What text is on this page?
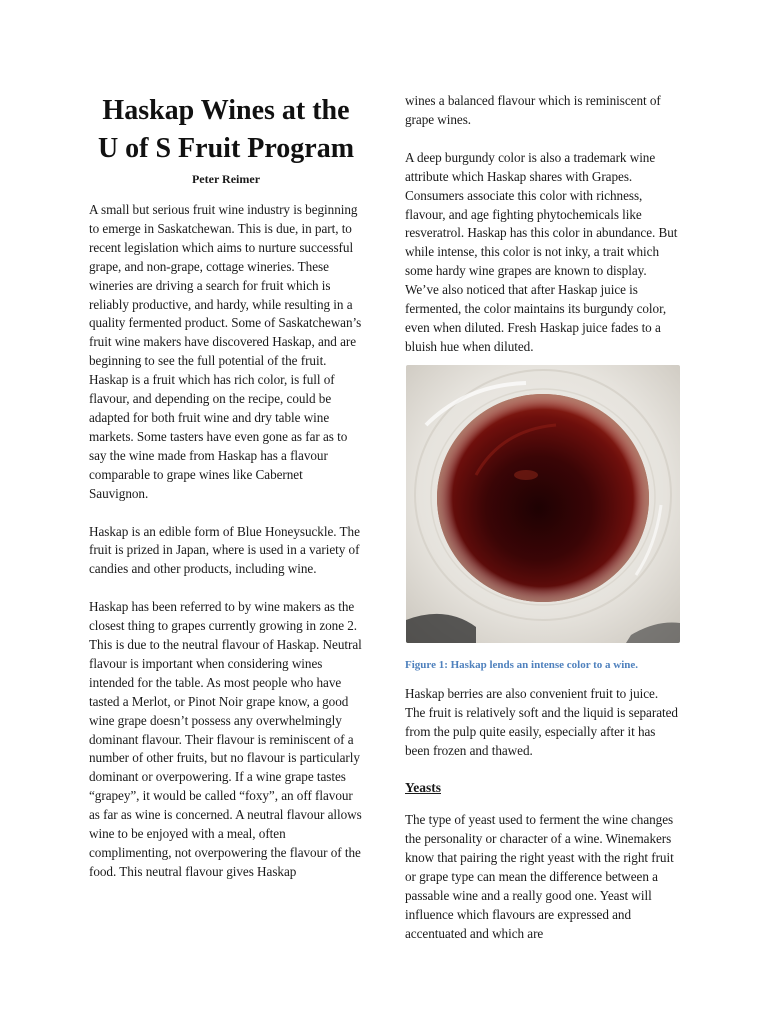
Haskap Wines at the U of S Fruit Program
Peter Reimer

A small but serious fruit wine industry is beginning to emerge in Saskatchewan. This is due, in part, to recent legislation which aims to nurture successful grape, and non-grape, cottage wineries. These wineries are driving a search for fruit which is reliably productive, and hardy, while resulting in a quality fermented product. Some of Saskatchewan’s fruit wine makers have discovered Haskap, and are beginning to see the full potential of the fruit. Haskap is a fruit which has rich color, is full of flavour, and depending on the recipe, could be adapted for both fruit wine and dry table wine markets. Some tasters have even gone as far as to say the wine made from Haskap has a flavour comparable to grape wines like Cabernet Sauvignon.

Haskap is an edible form of Blue Honeysuckle. The fruit is prized in Japan, where is used in a variety of candies and other products, including wine.

Haskap has been referred to by wine makers as the closest thing to grapes currently growing in zone 2. This is due to the neutral flavour of Haskap. Neutral flavour is important when considering wines intended for the table. As most people who have tasted a Merlot, or Pinot Noir grape know, a good wine grape doesn’t possess any overwhelmingly dominant flavour. Their flavour is reminiscent of a number of other fruits, but no flavour is particularly dominant or overpowering. If a wine grape tastes “grapey”, it would be called “foxy”, an off flavour as far as wine is concerned. A neutral flavour allows wine to be enjoyed with a meal, often complimenting, not overpowering the flavour of the food. This neutral flavour gives Haskap

wines a balanced flavour which is reminiscent of grape wines.

A deep burgundy color is also a trademark wine attribute which Haskap shares with Grapes. Consumers associate this color with richness, flavour, and age fighting phytochemicals like resveratrol. Haskap has this color in abundance. But while intense, this color is not inky, a trait which some hardy wine grapes are known to display. We’ve also noticed that after Haskap juice is fermented, the color maintains its burgundy color, even when diluted. Fresh Haskap juice fades to a bluish hue when diluted.

Figure 1: Haskap lends an intense color to a wine.

Haskap berries are also convenient fruit to juice. The fruit is relatively soft and the liquid is separated from the pulp quite easily, especially after it has been frozen and thawed.

Yeasts

The type of yeast used to ferment the wine changes the personality or character of a wine. Winemakers know that pairing the right yeast with the right fruit or grape type can mean the difference between a passable wine and a really good one. Yeast will influence which flavours are expressed and accentuated and which are
